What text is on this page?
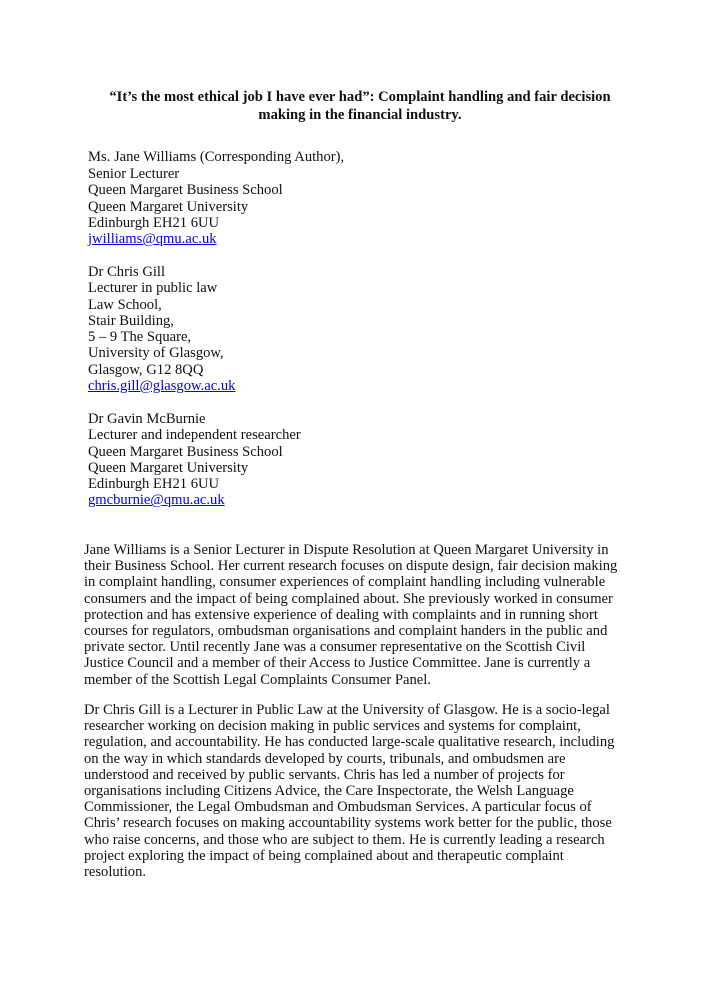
“It’s the most ethical job I have ever had”: Complaint handling and fair decision
making in the financial industry.
Ms. Jane Williams (Corresponding Author),
Senior Lecturer
Queen Margaret Business School
Queen Margaret University
Edinburgh EH21 6UU
jwilliams@qmu.ac.uk
Dr Chris Gill
Lecturer in public law
Law School,
Stair Building,
5 – 9 The Square,
University of Glasgow,
Glasgow, G12 8QQ
chris.gill@glasgow.ac.uk
Dr Gavin McBurnie
Lecturer and independent researcher
Queen Margaret Business School
Queen Margaret University
Edinburgh EH21 6UU
gmcburnie@qmu.ac.uk
Jane Williams is a Senior Lecturer in Dispute Resolution at Queen Margaret University in
their Business School. Her current research focuses on dispute design, fair decision making
in complaint handling, consumer experiences of complaint handling including vulnerable
consumers and the impact of being complained about. She previously worked in consumer
protection and has extensive experience of dealing with complaints and in running short
courses for regulators, ombudsman organisations and complaint handers in the public and
private sector. Until recently Jane was a consumer representative on the Scottish Civil
Justice Council and a member of their Access to Justice Committee. Jane is currently a
member of the Scottish Legal Complaints Consumer Panel.
Dr Chris Gill is a Lecturer in Public Law at the University of Glasgow. He is a socio-legal
researcher working on decision making in public services and systems for complaint,
regulation, and accountability. He has conducted large-scale qualitative research, including
on the way in which standards developed by courts, tribunals, and ombudsmen are
understood and received by public servants. Chris has led a number of projects for
organisations including Citizens Advice, the Care Inspectorate, the Welsh Language
Commissioner, the Legal Ombudsman and Ombudsman Services. A particular focus of
Chris’ research focuses on making accountability systems work better for the public, those
who raise concerns, and those who are subject to them. He is currently leading a research
project exploring the impact of being complained about and therapeutic complaint
resolution.
